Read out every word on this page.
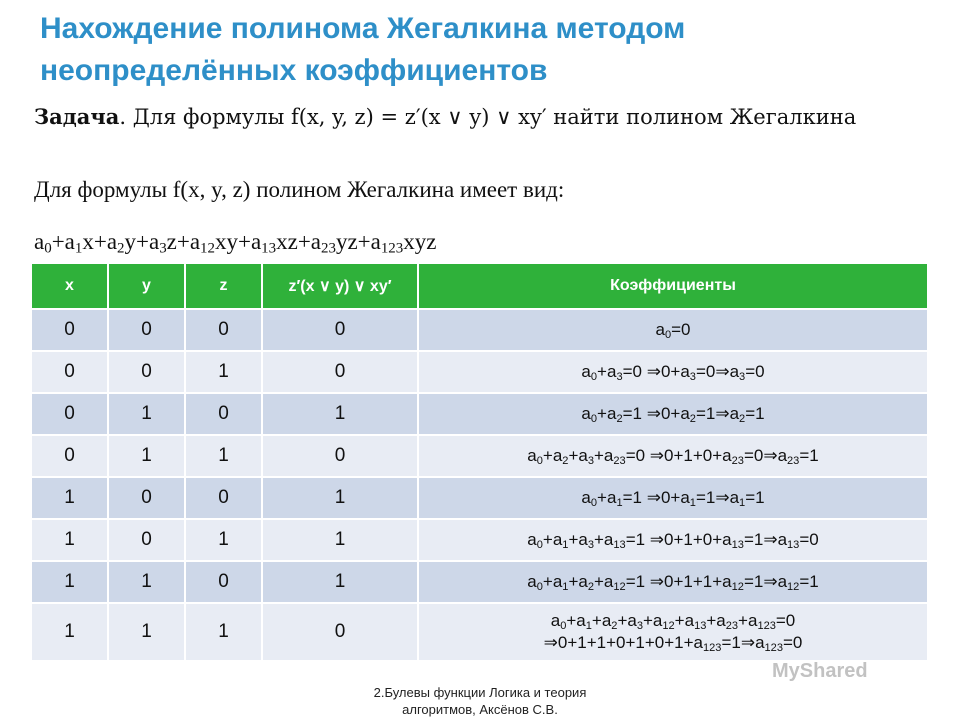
Нахождение полинома Жегалкина методом неопределённых коэффициентов
Задача. Для формулы f(x, y, z) = z′(x ∨ y) ∨ xy′ найти полином Жегалкина
Для формулы f(x, y, z) полином Жегалкина имеет вид:
$a_0+a_1x+a_2y+a_3z+a_{12}xy+a_{13}xz+a_{23}yz+a_{123}xyz$
x	y	z	z′(x ∨ y) ∨ xy′	Коэффициенты
0	0	0	0	$a_0=0$

0	0	1	0	$a_0+a_3=0$ $\Rightarrow 0+a_3=0\Rightarrow a_3=0$

0	1	0	1	$a_0+a_2=1$ $\Rightarrow 0+a_2=1\Rightarrow a_2=1$

0	1	1	0	$a_0+a_2+a_3+a_{23}=0$ $\Rightarrow 0+1+0+a_{23}=0\Rightarrow a_{23}=1$

1	0	0	1	$a_0+a_1=1$ $\Rightarrow 0+a_1=1\Rightarrow a_1=1$

1	0	1	1	$a_0+a_1+a_3+a_{13}=1$ $\Rightarrow 0+1+0+a_{13}=1\Rightarrow a_{13}=0$

1	1	0	1	$a_0+a_1+a_2+a_{12}=1$ $\Rightarrow 0+1+1+a_{12}=1\Rightarrow a_{12}=1$

1	1	1	0	$a_0+a_1+a_2+a_3+a_{12}+a_{13}+a_{23}+a_{123}=0$
$\Rightarrow 0+1+1+0+1+0+1+a_{123}=1\Rightarrow a_{123}=0$
2.Булевы функции Логика и теория
алгоритмов, Аксёнов С.В.
MyShared
